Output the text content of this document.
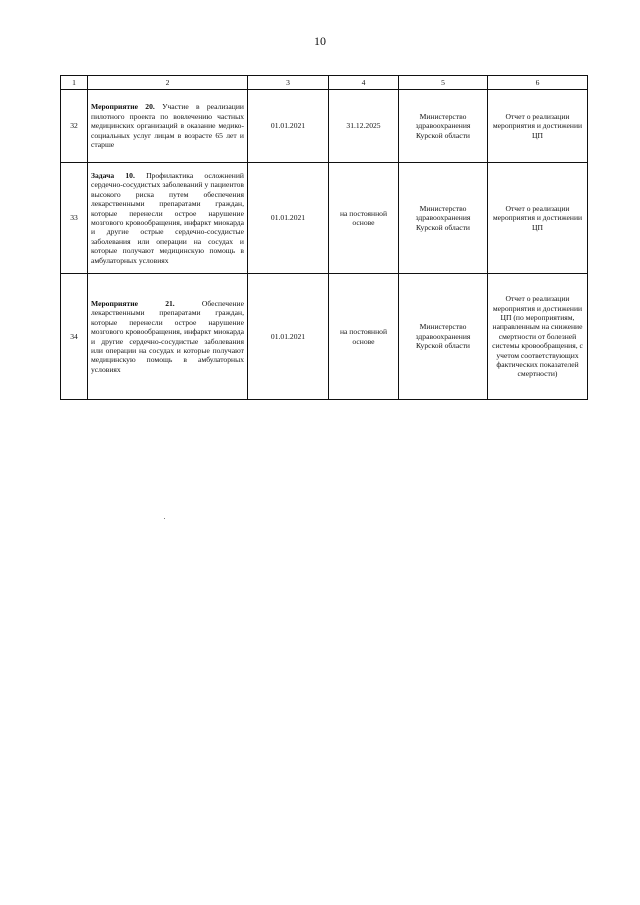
10
1	2	3	4	5	6
32	Мероприятие 20. Участие в реализации пилотного проекта по вовлечению частных медицинских организаций в оказание медико-социальных услуг лицам в возрасте 65 лет и старше	01.01.2021	31.12.2025	Министерство здравоохранения Курской области	Отчет о реализации мероприятия и достижении ЦП
33	Задача 10. Профилактика осложнений сердечно-сосудистых заболеваний у пациентов высокого риска путем обеспечения лекарственными препаратами граждан, которые перенесли острое нарушение мозгового кровообращения, инфаркт миокарда и другие острые сердечно-сосудистые заболевания или операции на сосудах и которые получают медицинскую помощь в амбулаторных условиях	01.01.2021	на постоянной основе	Министерство здравоохранения Курской области	Отчет о реализации мероприятия и достижении ЦП
34	Мероприятие 21. Обеспечение лекарственными препаратами граждан, которые перенесли острое нарушение мозгового кровообращения, инфаркт миокарда и другие сердечно-сосудистые заболевания или операции на сосудах и которые получают медицинскую помощь в амбулаторных условиях	01.01.2021	на постоянной основе	Министерство здравоохранения Курской области	Отчет о реализации мероприятия и достижении ЦП (по мероприятиям, направленным на снижение смертности от болезней системы кровообращения, с учетом соответствующих фактических показателей смертности)
